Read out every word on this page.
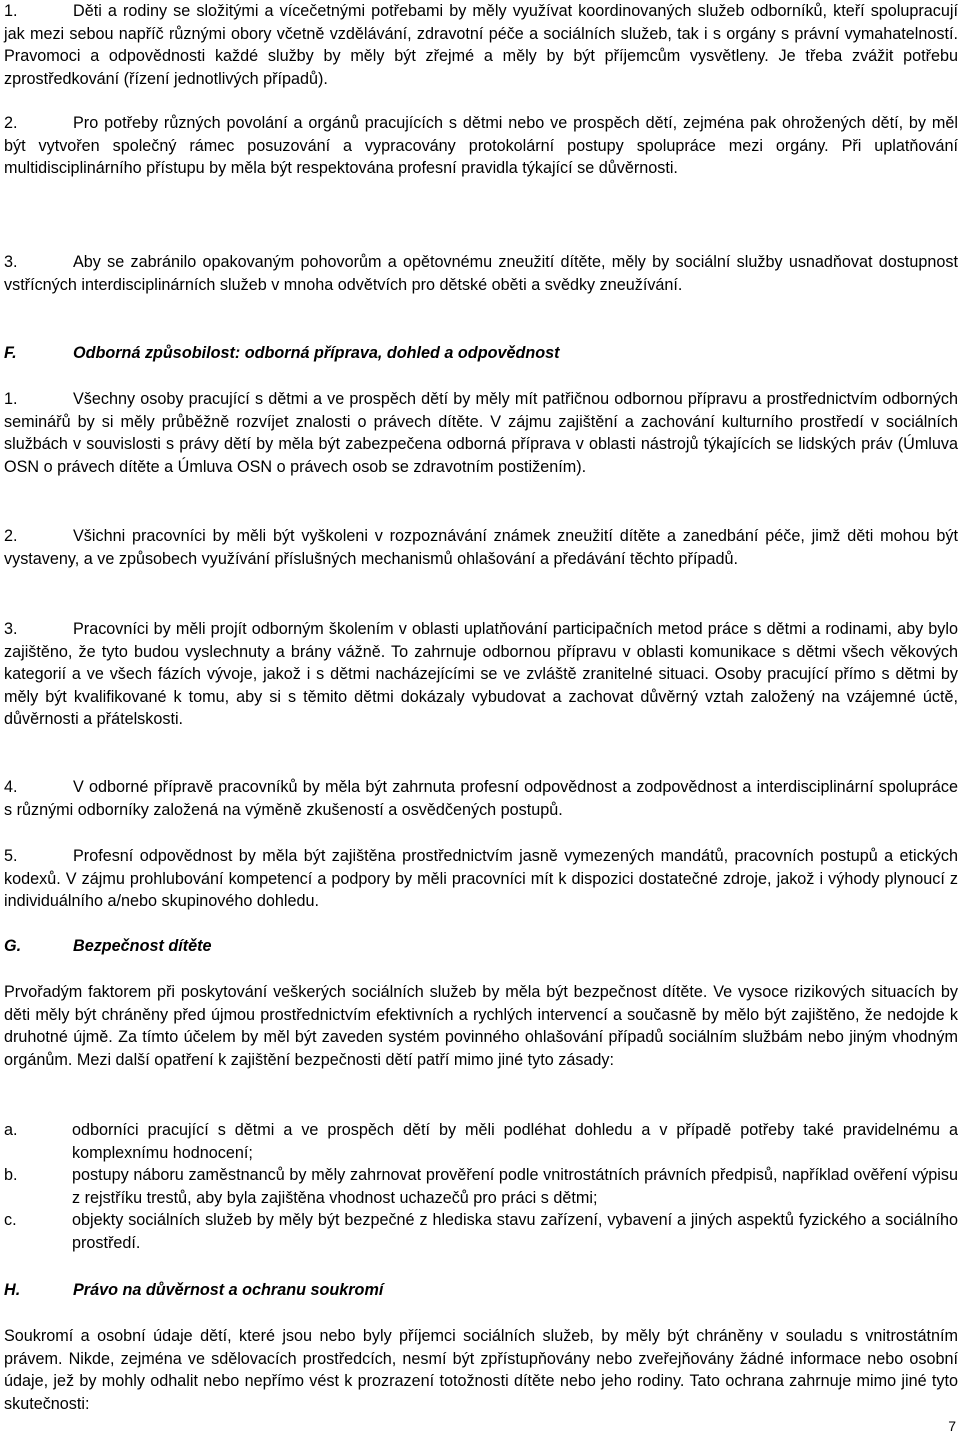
1.	Děti a rodiny se složitými a vícečetnými potřebami by měly využívat koordinovaných služeb odborníků, kteří spolupracují jak mezi sebou napříč různými obory včetně vzdělávání, zdravotní péče a sociálních služeb, tak i s orgány s právní vymahatelností. Pravomoci a odpovědnosti každé služby by měly být zřejmé a měly by být příjemcům vysvětleny. Je třeba zvážit potřebu zprostředkování (řízení jednotlivých případů).

2.	Pro potřeby různých povolání a orgánů pracujících s dětmi nebo ve prospěch dětí, zejména pak ohrožených dětí, by měl být vytvořen společný rámec posuzování a vypracovány protokolární postupy spolupráce mezi orgány. Při uplatňování multidisciplinárního přístupu by měla být respektována profesní pravidla týkající se důvěrnosti.

3.	Aby se zabránilo opakovaným pohovorům a opětovnému zneužití dítěte, měly by sociální služby usnadňovat dostupnost vstřícných interdisciplinárních služeb v mnoha odvětvích pro dětské oběti a svědky zneužívání.

F.	Odborná způsobilost: odborná příprava, dohled a odpovědnost

1.	Všechny osoby pracující s dětmi a ve prospěch dětí by měly mít patřičnou odbornou přípravu a prostřednictvím odborných seminářů by si měly průběžně rozvíjet znalosti o právech dítěte. V zájmu zajištění a zachování kulturního prostředí v sociálních službách v souvislosti s právy dětí by měla být zabezpečena odborná příprava v oblasti nástrojů týkajících se lidských práv (Úmluva OSN o právech dítěte a Úmluva OSN o právech osob se zdravotním postižením).

2.	Všichni pracovníci by měli být vyškoleni v rozpoznávání známek zneužití dítěte a zanedbání péče, jimž děti mohou být vystaveny, a ve způsobech využívání příslušných mechanismů ohlašování a předávání těchto případů.

3.	Pracovníci by měli projít odborným školením v oblasti uplatňování participačních metod práce s dětmi a rodinami, aby bylo zajištěno, že tyto budou vyslechnuty a brány vážně. To zahrnuje odbornou přípravu v oblasti komunikace s dětmi všech věkových kategorií a ve všech fázích vývoje, jakož i s dětmi nacházejícími se ve zvláště zranitelné situaci. Osoby pracující přímo s dětmi by měly být kvalifikované k tomu, aby si s těmito dětmi dokázaly vybudovat a zachovat důvěrný vztah založený na vzájemné úctě, důvěrnosti a přátelskosti.

4.	V odborné přípravě pracovníků by měla být zahrnuta profesní odpovědnost a zodpovědnost a interdisciplinární spolupráce s různými odborníky založená na výměně zkušeností a osvědčených postupů.

5.	Profesní odpovědnost by měla být zajištěna prostřednictvím jasně vymezených mandátů, pracovních postupů a etických kodexů. V zájmu prohlubování kompetencí a podpory by měli pracovníci mít k dispozici dostatečné zdroje, jakož i výhody plynoucí z individuálního a/nebo skupinového dohledu.

G.	Bezpečnost dítěte

Prvořadým faktorem při poskytování veškerých sociálních služeb by měla být bezpečnost dítěte. Ve vysoce rizikových situacích by děti měly být chráněny před újmou prostřednictvím efektivních a rychlých intervencí a současně by mělo být zajištěno, že nedojde k druhotné újmě. Za tímto účelem by měl být zaveden systém povinného ohlašování případů sociálním službám nebo jiným vhodným orgánům. Mezi další opatření k zajištění bezpečnosti dětí patří mimo jiné tyto zásady:

a.	odborníci pracující s dětmi a ve prospěch dětí by měli podléhat dohledu a v případě potřeby také pravidelnému a komplexnímu hodnocení;
b.	postupy náboru zaměstnanců by měly zahrnovat prověření podle vnitrostátních právních předpisů, například ověření výpisu z rejstříku trestů, aby byla zajištěna vhodnost uchazečů pro práci s dětmi;
c.	objekty sociálních služeb by měly být bezpečné z hlediska stavu zařízení, vybavení a jiných aspektů fyzického a sociálního prostředí.
H.	Právo na důvěrnost a ochranu soukromí

Soukromí a osobní údaje dětí, které jsou nebo byly příjemci sociálních služeb, by měly být chráněny v souladu s vnitrostátním právem. Nikde, zejména ve sdělovacích prostředcích, nesmí být zpřístupňovány nebo zveřejňovány žádné informace nebo osobní údaje, jež by mohly odhalit nebo nepřímo vést k prozrazení totožnosti dítěte nebo jeho rodiny. Tato ochrana zahrnuje mimo jiné tyto skutečnosti:

7
